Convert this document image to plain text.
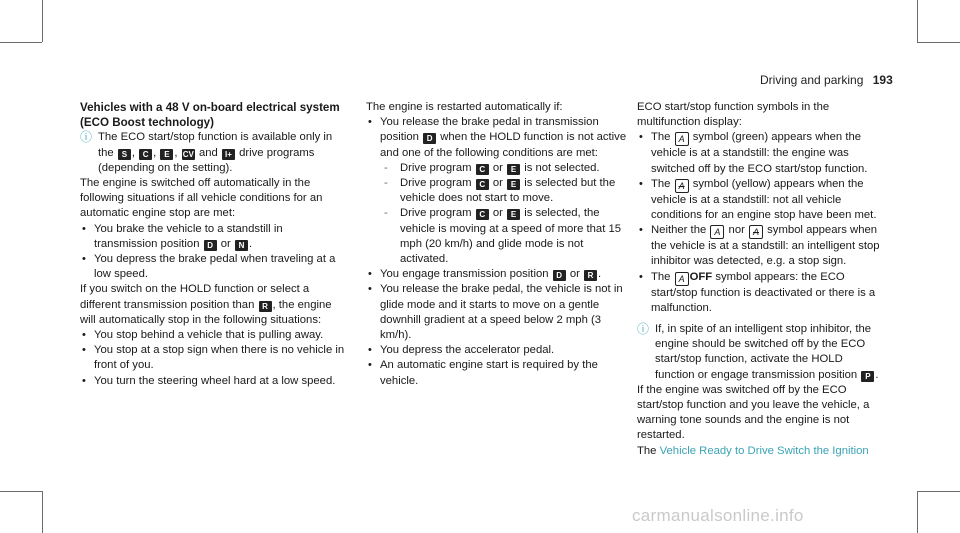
Driving and parking 193

Vehicles with a 48 V on-board electrical system (ECO Boost technology)

ⓘ The ECO start/stop function is available only in the S , C , E , CV and I+ drive programs (depending on the setting).

The engine is switched off automatically in the following situations if all vehicle conditions for an automatic engine stop are met:

• You brake the vehicle to a standstill in transmission position D or N .
• You depress the brake pedal when traveling at a low speed.

If you switch on the HOLD function or select a different transmission position than R , the engine will automatically stop in the following situations:

• You stop behind a vehicle that is pulling away.
• You stop at a stop sign when there is no vehicle in front of you.
• You turn the steering wheel hard at a low speed.

The engine is restarted automatically if:

• You release the brake pedal in transmission position D when the HOLD function is not active and one of the following conditions are met:
- Drive program C or E is not selected.
- Drive program C or E is selected but the vehicle does not start to move.
- Drive program C or E is selected, the vehicle is moving at a speed of more that 15 mph (20 km/h) and glide mode is not activated.
• You engage transmission position D or R .
• You release the brake pedal, the vehicle is not in glide mode and it starts to move on a gentle downhill gradient at a speed below 2 mph (3 km/h).
• You depress the accelerator pedal.
• An automatic engine start is required by the vehicle.

ECO start/stop function symbols in the multifunction display:

• The A symbol (green) appears when the vehicle is at a standstill: the engine was switched off by the ECO start/stop function.
• The A symbol (yellow) appears when the vehicle is at a standstill: not all vehicle conditions for an engine stop have been met.
• Neither the A nor A symbol appears when the vehicle is at a standstill: an intelligent stop inhibitor was detected, e.g. a stop sign.
• The A OFF symbol appears: the ECO start/stop function is deactivated or there is a malfunction.

ⓘ If, in spite of an intelligent stop inhibitor, the engine should be switched off by the ECO start/stop function, activate the HOLD function or engage transmission position P .

If the engine was switched off by the ECO start/stop function and you leave the vehicle, a warning tone sounds and the engine is not restarted.

The Vehicle Ready to Drive Switch the Ignition

carmanualsonline.info
